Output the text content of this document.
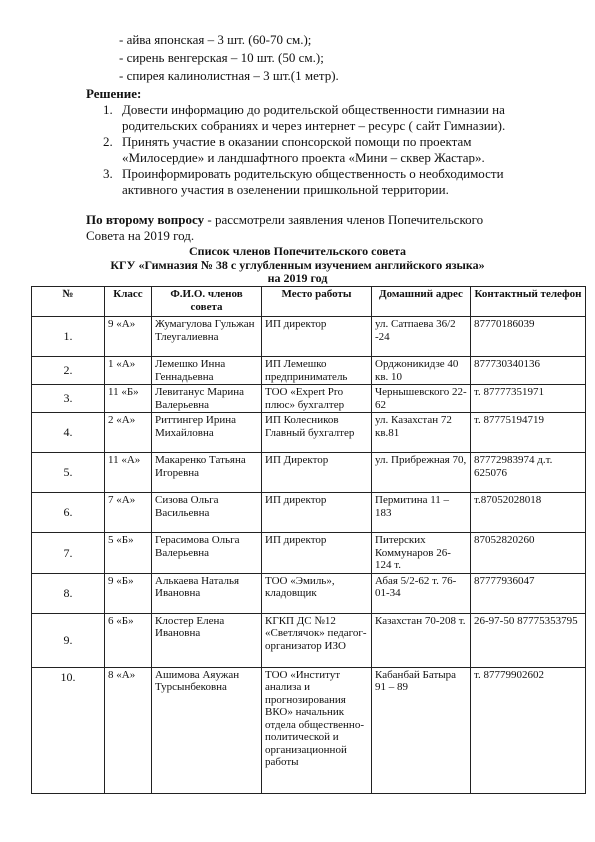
- айва японская – 3 шт. (60-70 см.);
- сирень венгерская – 10 шт. (50 см.);
- спирея калинолистная – 3 шт.(1 метр).
Решение:
1. Довести информацию до родительской общественности гимназии на
родительских собраниях и через интернет – ресурс ( сайт Гимназии).
2. Принять участие в оказании спонсорской помощи по проектам
«Милосердие» и ландшафтного проекта «Мини – сквер Жастар».
3. Проинформировать родительскую общественность о необходимости
активного участия в озеленении пришкольной территории.
По второму вопросу - рассмотрели заявления членов Попечительского
Совета на 2019 год.
Список членов Попечительского совета
КГУ «Гимназия № 38 с углубленным изучением английского языка»
на 2019 год
№	Класс	Ф.И.О. членов совета	Место работы	Домашний адрес	Контактный телефон
1.	9 «А»	Жумагулова Гульжан Тлеугалиевна	ИП директор	ул. Сатпаева 36/2 -24	87770186039
2.	1 «А»	Лемешко Инна Геннадьевна	ИП Лемешко предприниматель	Орджоникидзе 40 кв. 10	877730340136
3.	11 «Б»	Левитанус Марина Валерьевна	ТОО «Expert Pro плюс» бухгалтер	Чернышевского 22-62	т. 87777351971
4.	2 «А»	Риттингер Ирина Михайловна	ИП Колесников Главный бухгалтер	ул. Казахстан 72 кв.81	т. 87775194719
5.	11 «А»	Макаренко Татьяна Игоревна	ИП Директор	ул. Прибрежная 70,	87772983974 д.т. 625076
6.	7 «А»	Сизова Ольга Васильевна	ИП директор	Пермитина 11 – 183	т.87052028018
7.	5 «Б»	Герасимова Ольга Валерьевна	ИП директор	Питерских Коммунаров 26-124 т.	87052820260
8.	9 «Б»	Алькаева Наталья Ивановна	ТОО «Эмиль», кладовщик	Абая 5/2-62 т. 76-01-34	87777936047
9.	6 «Б»	Клостер Елена Ивановна	КГКП ДС №12 «Светлячок» педагог-организатор ИЗО	Казахстан 70-208 т.	26-97-50 87775353795
10.	8 «А»	Ашимова Аяужан Турсынбековна	ТОО «Институт анализа и прогнозирования ВКО» начальник отдела общественно-политической и организационной работы	Кабанбай Батыра 91 – 89	т. 87779902602
